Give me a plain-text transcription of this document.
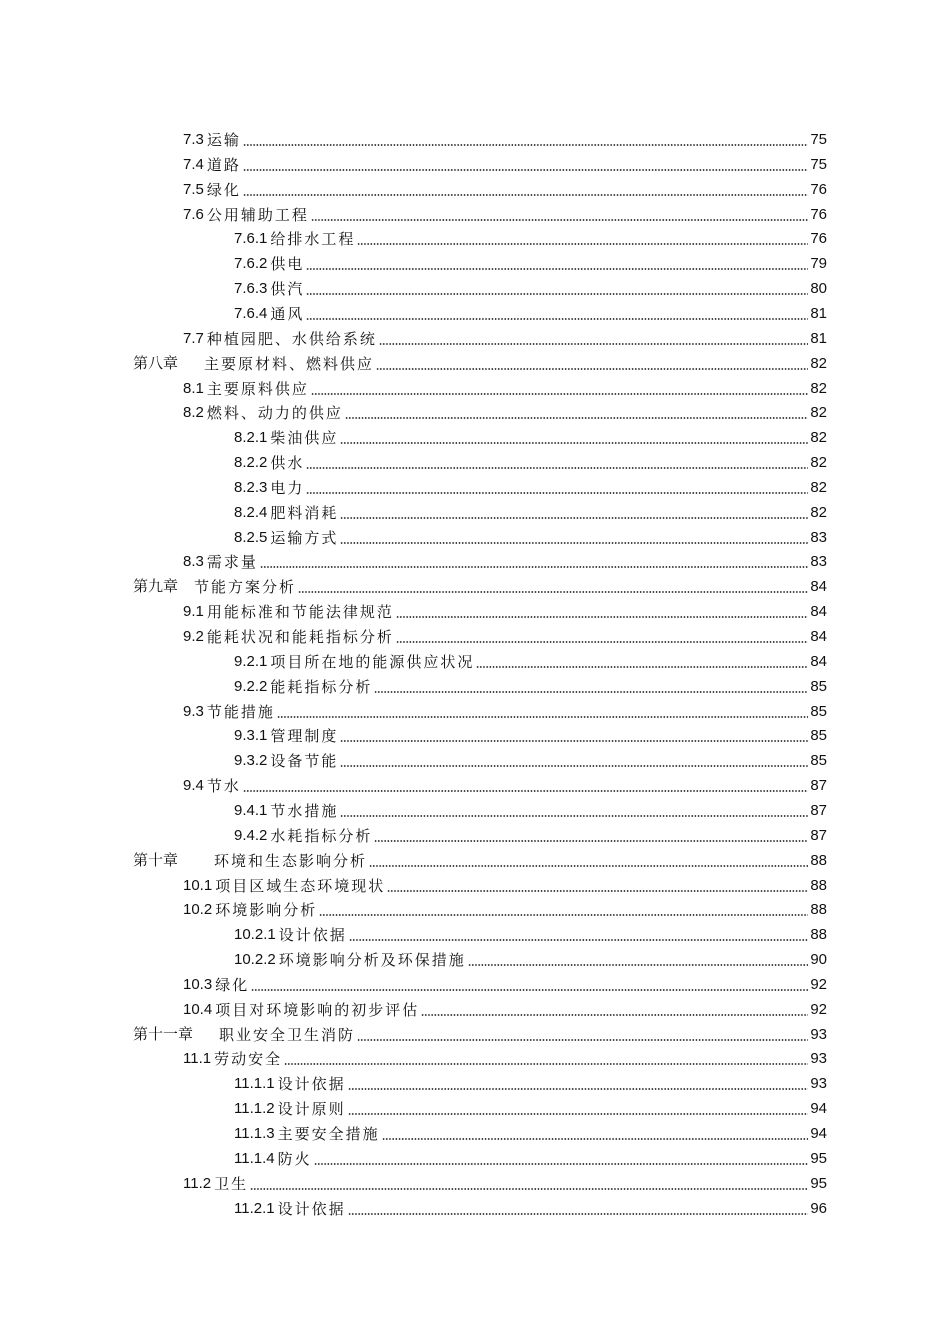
7.3 运输	75
7.4 道路	75
7.5 绿化	76
7.6 公用辅助工程	76
7.6.1 给排水工程	76
7.6.2 供电	79
7.6.3 供汽	80
7.6.4 通风	81
7.7 种植园肥、水供给系统	81
第八章 主要原材料、燃料供应	82
8.1 主要原料供应	82
8.2 燃料、动力的供应	82
8.2.1 柴油供应	82
8.2.2 供水	82
8.2.3 电力	82
8.2.4 肥料消耗	82
8.2.5 运输方式	83
8.3 需求量	83
第九章 节能方案分析	84
9.1 用能标准和节能法律规范	84
9.2 能耗状况和能耗指标分析	84
9.2.1 项目所在地的能源供应状况	84
9.2.2 能耗指标分析	85
9.3 节能措施	85
9.3.1 管理制度	85
9.3.2 设备节能	85
9.4 节水	87
9.4.1 节水措施	87
9.4.2 水耗指标分析	87
第十章 环境和生态影响分析	88
10.1 项目区域生态环境现状	88
10.2 环境影响分析	88
10.2.1 设计依据	88
10.2.2 环境影响分析及环保措施	90
10.3 绿化	92
10.4 项目对环境影响的初步评估	92
第十一章 职业安全卫生消防	93
11.1 劳动安全	93
11.1.1 设计依据	93
11.1.2 设计原则	94
11.1.3 主要安全措施	94
11.1.4 防火	95
11.2 卫生	95
11.2.1 设计依据	96
